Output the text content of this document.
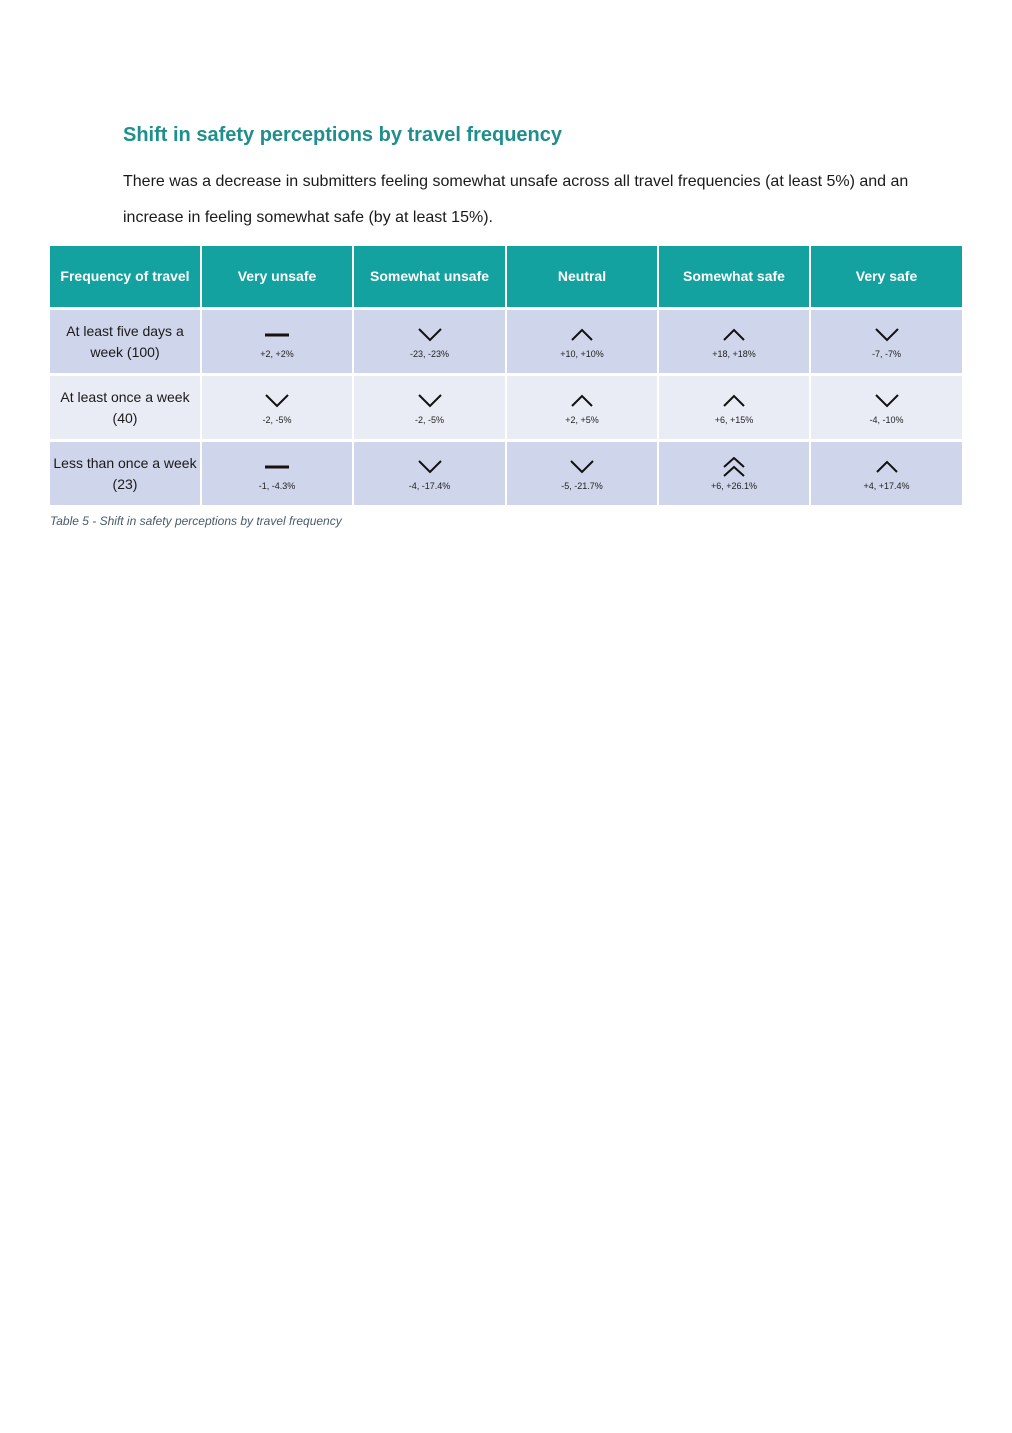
Shift in safety perceptions by travel frequency
There was a decrease in submitters feeling somewhat unsafe across all travel frequencies (at least 5%) and an increase in feeling somewhat safe (by at least 15%).
Frequency of travel	Very unsafe	Somewhat unsafe	Neutral	Somewhat safe	Very safe

At least five days a week (100)	+2, +2%	-23, -23%	+10, +10%	+18, +18%	-7, -7%

At least once a week (40)	-2, -5%	-2, -5%	+2, +5%	+6, +15%	-4, -10%

Less than once a week (23)	-1, -4.3%	-4, -17.4%	-5, -21.7%	+6, +26.1%	+4, +17.4%
Table 5 - Shift in safety perceptions by travel frequency
